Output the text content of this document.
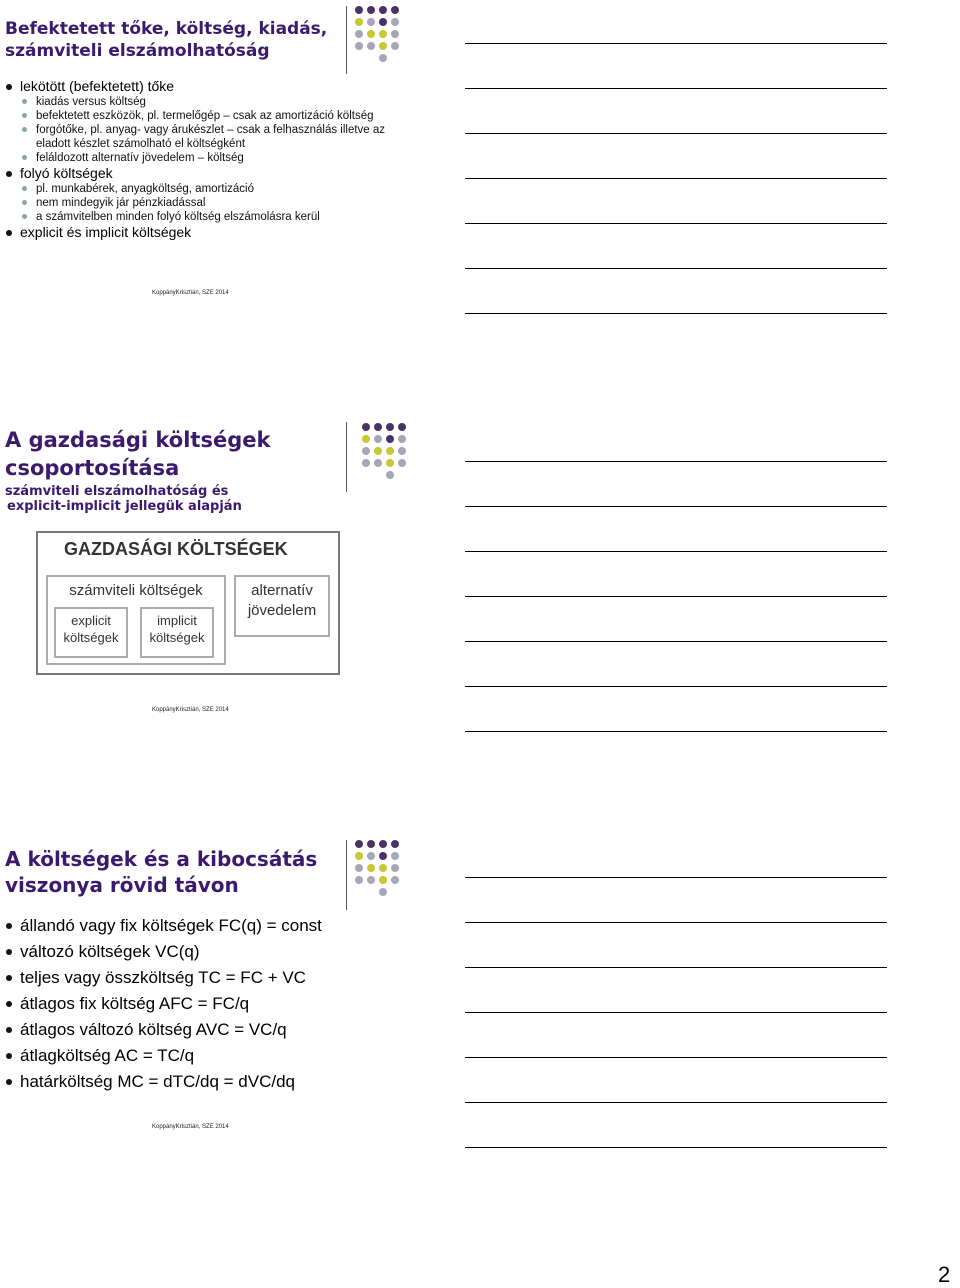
Befektetett tőke, költség, kiadás,
számviteli elszámolhatóság
lekötött (befektetett) tőke
kiadás versus költség
befektetett eszközök, pl. termelőgép – csak az amortizáció költség
forgótőke, pl. anyag- vagy árukészlet – csak a felhasználás illetve az eladott készlet számolható el költségként
feláldozott alternatív jövedelem – költség
folyó költségek
pl. munkabérek, anyagköltség, amortizáció
nem mindegyik jár pénzkiadással
a számvitelben minden folyó költség elszámolásra kerül
explicit és implicit költségek
KoppányKrisztián, SZE 2014
A gazdasági költségek
csoportosítása
számviteli elszámolhatóság és
explicit-implicit jellegük alapján
GAZDASÁGI KÖLTSÉGEK
számviteli költségek
explicit
költségek
implicit
költségek
alternatív
jövedelem
KoppányKrisztián, SZE 2014
A költségek és a kibocsátás
viszonya rövid távon
állandó vagy fix költségek FC(q) = const
változó költségek VC(q)
teljes vagy összköltség TC = FC + VC
átlagos fix költség AFC = FC/q
átlagos változó költség AVC = VC/q
átlagköltség AC = TC/q
határköltség MC = dTC/dq = dVC/dq
KoppányKrisztián, SZE 2014
2
